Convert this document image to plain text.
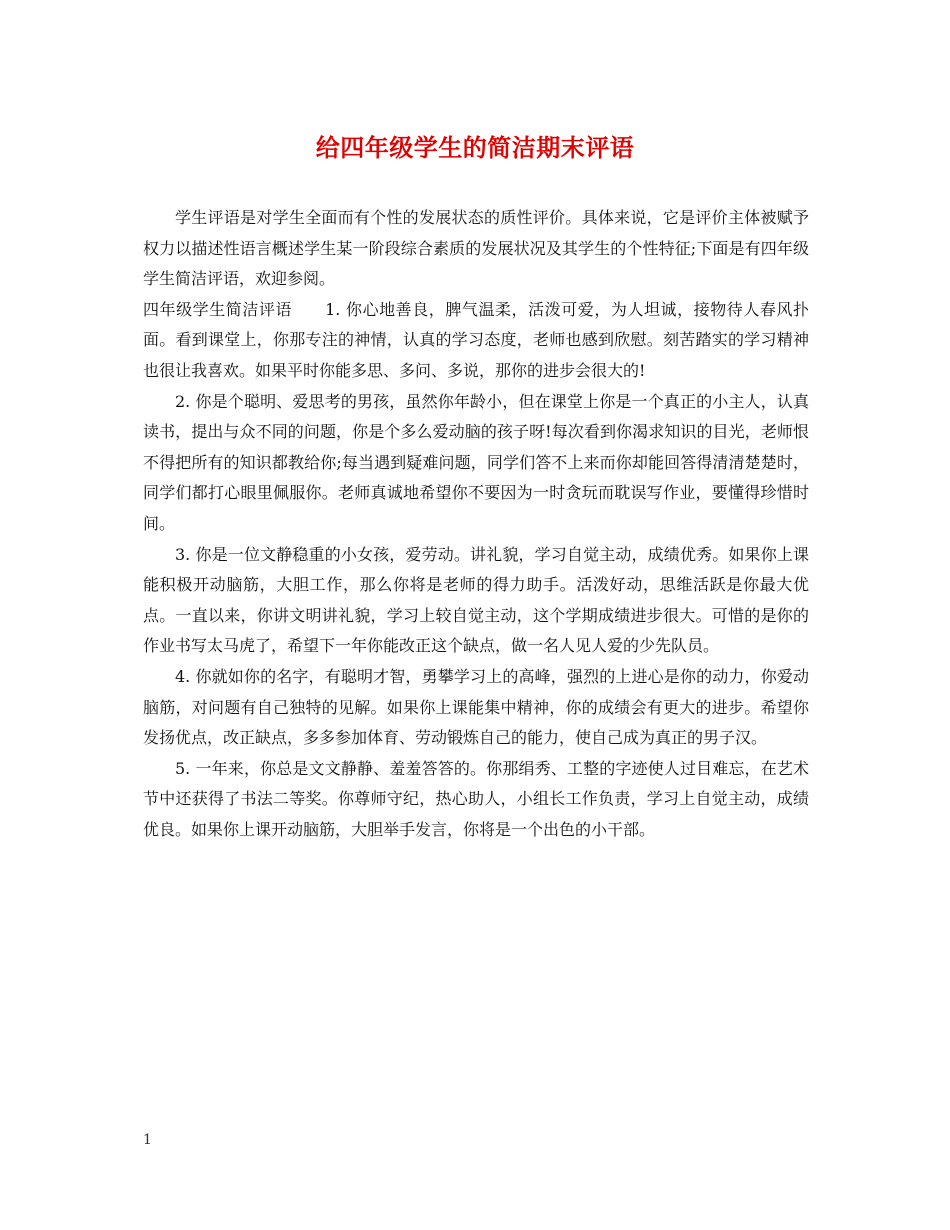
给四年级学生的简洁期末评语

学生评语是对学生全面而有个性的发展状态的质性评价。具体来说，它是评价主体被赋予权力以描述性语言概述学生某一阶段综合素质的发展状况及其学生的个性特征;下面是有四年级学生简洁评语，欢迎参阅。

四年级学生简洁评语　　1. 你心地善良，脾气温柔，活泼可爱，为人坦诚，接物待人春风扑面。看到课堂上，你那专注的神情，认真的学习态度，老师也感到欣慰。刻苦踏实的学习精神也很让我喜欢。如果平时你能多思、多问、多说，那你的进步会很大的!

2. 你是个聪明、爱思考的男孩，虽然你年龄小，但在课堂上你是一个真正的小主人，认真读书，提出与众不同的问题，你是个多么爱动脑的孩子呀!每次看到你渴求知识的目光，老师恨不得把所有的知识都教给你;每当遇到疑难问题，同学们答不上来而你却能回答得清清楚楚时，同学们都打心眼里佩服你。老师真诚地希望你不要因为一时贪玩而耽误写作业，要懂得珍惜时间。

3. 你是一位文静稳重的小女孩，爱劳动。讲礼貌，学习自觉主动，成绩优秀。如果你上课能积极开动脑筋，大胆工作，那么你将是老师的得力助手。活泼好动，思维活跃是你最大优点。一直以来，你讲文明讲礼貌，学习上较自觉主动，这个学期成绩进步很大。可惜的是你的作业书写太马虎了，希望下一年你能改正这个缺点，做一名人见人爱的少先队员。

4. 你就如你的名字，有聪明才智，勇攀学习上的高峰，强烈的上进心是你的动力，你爱动脑筋，对问题有自己独特的见解。如果你上课能集中精神，你的成绩会有更大的进步。希望你发扬优点，改正缺点，多多参加体育、劳动锻炼自己的能力，使自己成为真正的男子汉。

5. 一年来，你总是文文静静、羞羞答答的。你那绢秀、工整的字迹使人过目难忘，在艺术节中还获得了书法二等奖。你尊师守纪，热心助人，小组长工作负责，学习上自觉主动，成绩优良。如果你上课开动脑筋，大胆举手发言，你将是一个出色的小干部。

1
